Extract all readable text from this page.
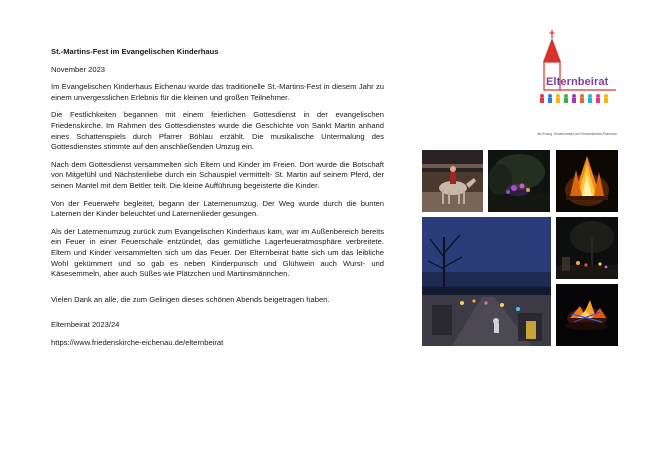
St.-Martins-Fest im Evangelischen Kinderhaus

November 2023

Im Evangelischen Kinderhaus Eichenau wurde das traditionelle St.-Martins-Fest in diesem Jahr zu einem unvergesslichen Erlebnis für die kleinen und großen Teilnehmer.

Die Festlichkeiten begannen mit einem feierlichen Gottesdienst in der evangelischen Friedenskirche. Im Rahmen des Gottesdienstes wurde die Geschichte von Sankt Martin anhand eines Schattenspiels durch Pfarrer Böhlau erzählt. Die musikalische Untermalung des Gottesdienstes stimmte auf den anschließenden Umzug ein.

Nach dem Gottesdienst versammelten sich Eltern und Kinder im Freien. Dort wurde die Botschaft von Mitgefühl und Nächstenliebe durch ein Schauspiel vermittelt- St. Martin auf seinem Pferd, der seinen Mantel mit dem Bettler teilt. Die kleine Aufführung begeisterte die Kinder.

Von der Feuerwehr begleitet, begann der Laternenumzug. Der Weg wurde durch die bunten Laternen der Kinder beleuchtet und Laternenlieder gesungen.

Als der Laternenumzug zurück zum Evangelischen Kinderhaus kam, war im Außenbereich bereits ein Feuer in einer Feuerschale entzündet, das gemütliche Lagerfeueratmosphäre verbreitete. Eltern und Kinder versammelten sich um das Feuer. Der Elternbeirat hatte sich um das leibliche Wohl gekümmert und so gab es neben Kinderpunsch und Glühwein auch Wurst- und Käsesemmeln, aber auch Süßes wie Plätzchen und Martinsmännchen.

Vielen Dank an alle, die zum Gelingen dieses schönen Abends beigetragen haben.

Elternbeirat 2023/24

https://www.friedenskirche-eichenau.de/elternbeirat

Elternbeirat
der Evang. Kinderhauses am Friedenskirche Eichenau
